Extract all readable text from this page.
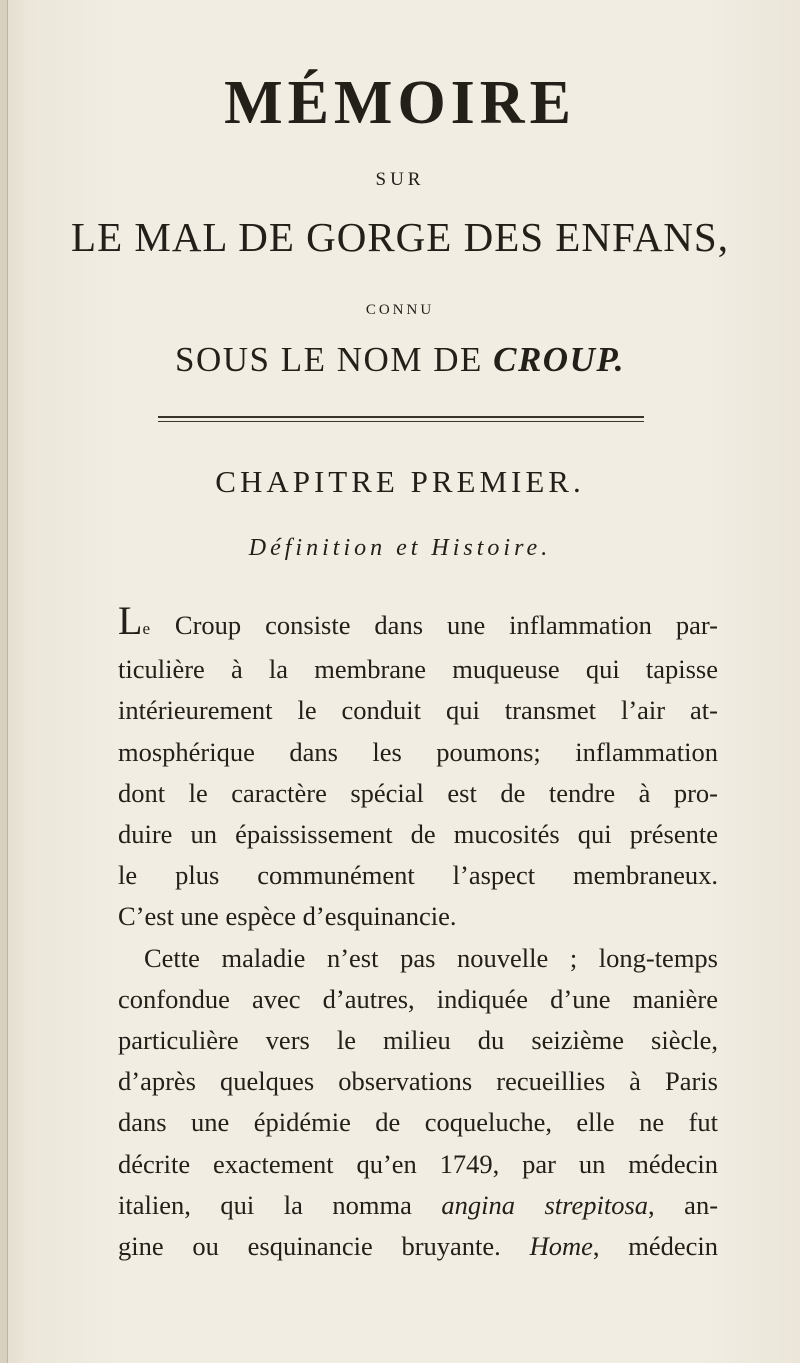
MÉMOIRE
SUR
LE MAL DE GORGE DES ENFANS,
CONNU
SOUS LE NOM DE CROUP.
CHAPITRE PREMIER.
Définition et Histoire.
Le Croup consiste dans une inflammation par-
ticulière à la membrane muqueuse qui tapisse
intérieurement le conduit qui transmet l’air at-
mosphérique dans les poumons; inflammation
dont le caractère spécial est de tendre à pro-
duire un épaississement de mucosités qui présente
le plus communément l’aspect membraneux.
C’est une espèce d’esquinancie.
Cette maladie n’est pas nouvelle ; long-temps
confondue avec d’autres, indiquée d’une manière
particulière vers le milieu du seizième siècle,
d’après quelques observations recueillies à Paris
dans une épidémie de coqueluche, elle ne fut
décrite exactement qu’en 1749, par un médecin
italien, qui la nomma angina strepitosa, an-
gine ou esquinancie bruyante. Home, médecin
